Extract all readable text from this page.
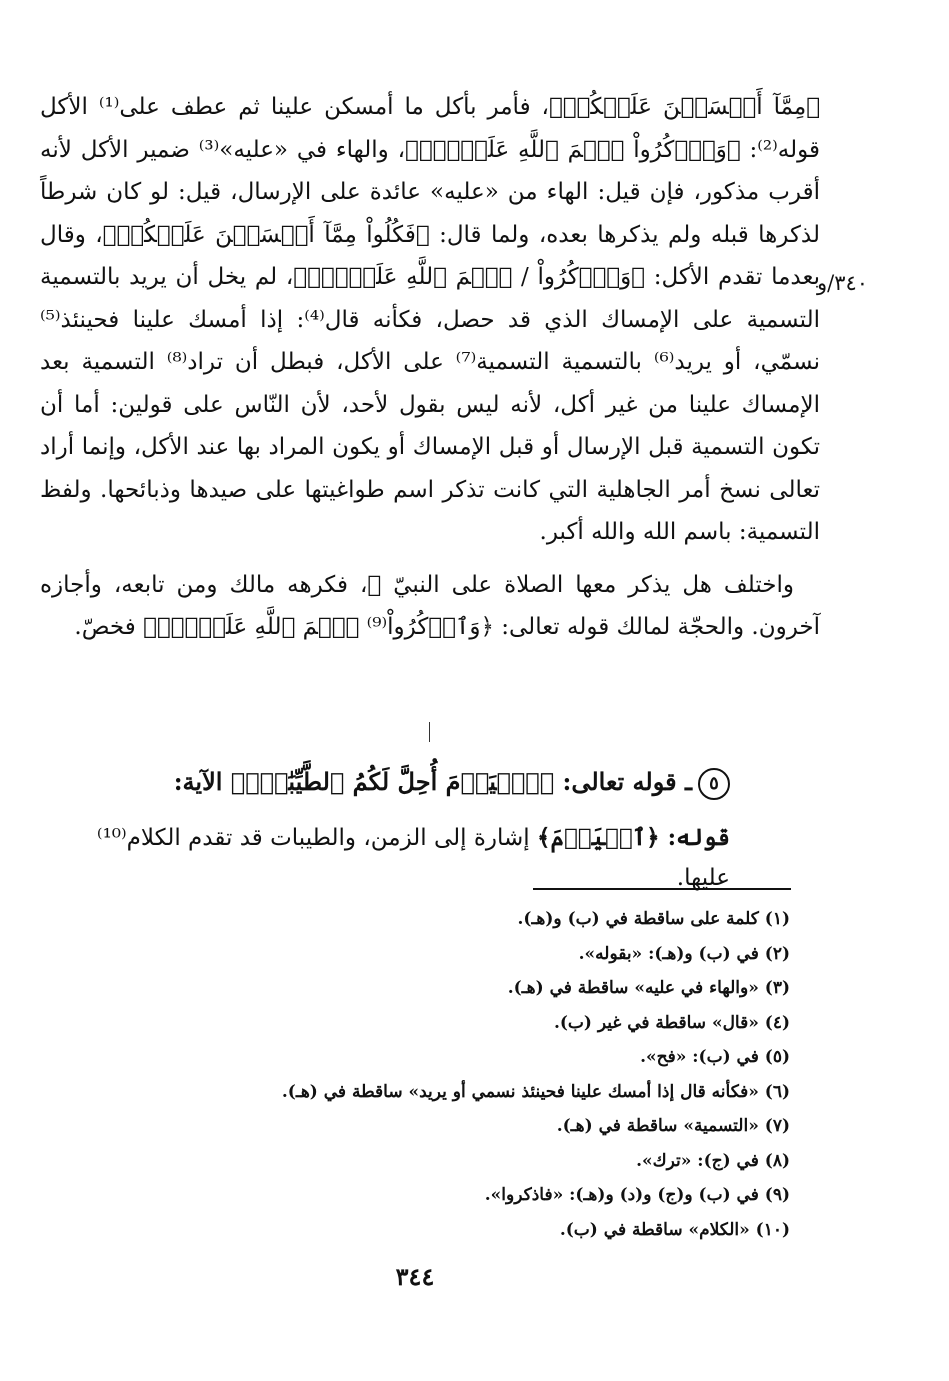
﴿مِمَّآ أَمۡسَكۡنَ عَلَيۡكُمۡ﴾، فأمر بأكل ما أمسكن علينا ثم عطف على⁽¹⁾ الأكل قوله⁽²⁾: ﴿وَٱذۡكُرُواْ ٱسۡمَ ٱللَّهِ عَلَيۡهِۖ﴾، والهاء في «عليه»⁽³⁾ ضمير الأكل لأنه أقرب مذكور، فإن قيل: الهاء من «عليه» عائدة على الإرسال، قيل: لو كان شرطاً لذكرها قبله ولم يذكرها بعده، ولما قال: ﴿فَكُلُواْ مِمَّآ أَمۡسَكۡنَ عَلَيۡكُمۡ﴾، وقال بعدما تقدم الأكل: ﴿وَٱذۡكُرُواْ / ٱسۡمَ ٱللَّهِ عَلَيۡهِۖ﴾، لم يخل أن يريد بالتسمية التسمية على الإمساك الذي قد حصل، فكأنه قال⁽⁴⁾: إذا أمسك علينا فحينئذ⁽⁵⁾ نسمّي، أو يريد⁽⁶⁾ بالتسمية التسمية⁽⁷⁾ على الأكل، فبطل أن تراد⁽⁸⁾ التسمية بعد الإمساك علينا من غير أكل، لأنه ليس بقول لأحد، لأن النّاس على قولين: أما أن تكون التسمية قبل الإرسال أو قبل الإمساك أو يكون المراد بها عند الأكل، وإنما أراد تعالى نسخ أمر الجاهلية التي كانت تذكر اسم طواغيتها على صيدها وذبائحها. ولفظ التسمية: باسم الله والله أكبر.

واختلف هل يذكر معها الصلاة على النبيّ ﷺ، فكرهه مالك ومن تابعه، وأجازه آخرون. والحجّة لمالك قوله تعالى: ﴿وَٱذۡكُرُواْ⁽⁹⁾ ٱسۡمَ ٱللَّهِ عَلَيۡهِۖ﴾ فخصّ.

٣٤٠/و
٥ـ قوله تعالى: ﴿ٱلۡيَوۡمَ أُحِلَّ لَكُمُ ٱلطَّيِّبَٰتُۖ﴾ الآية:
قوله: ﴿ٱلۡيَوۡمَ﴾ إشارة إلى الزمن، والطيبات قد تقدم الكلام⁽¹⁰⁾ عليها.
(١) كلمة على ساقطة في (ب) و(هـ).
(٢) في (ب) و(هـ): «بقوله».
(٣) «والهاء في عليه» ساقطة في (هـ).
(٤) «قال» ساقطة في غير (ب).
(٥) في (ب): «فح».
(٦) «فكأنه قال إذا أمسك علينا فحينئذ نسمي أو يريد» ساقطة في (هـ).
(٧) «التسمية» ساقطة في (هـ).
(٨) في (ج): «ترك».
(٩) في (ب) و(ج) و(د) و(هـ): «فاذكروا».
(١٠) «الكلام» ساقطة في (ب).
٣٤٤
